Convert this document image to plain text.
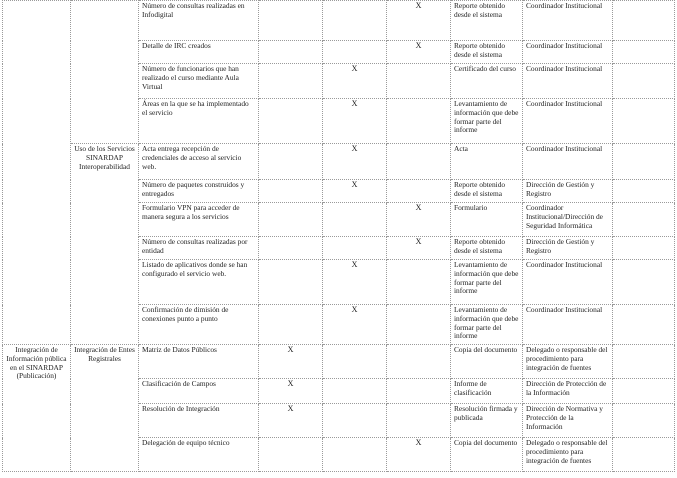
		Número de consultas realizadas en Infodigital			X	Reporte obtenido desde el sistema	Coordinador Institucional	
		Detalle de IRC creados			X	Reporte obtenido desde el sistema	Coordinador Institucional	
		Número de funcionarios que han realizado el curso mediante Aula Virtual		X		Certificado del curso	Coordinador Institucional	
		Áreas en la que se ha implementado el servicio		X		Levantamiento de información que debe formar parte del informe	Coordinador Institucional	
	Uso de los Servicios SINARDAP Interoperabilidad	Acta entrega recepción de credenciales de acceso al servicio web.		X		Acta	Coordinador Institucional	
		Número de paquetes construidos y entregados		X		Reporte obtenido desde el sistema	Dirección de Gestión y Registro	
		Formulario VPN para acceder de manera segura a los servicios			X	Formulario	Coordinador Institucional/Dirección de Seguridad Informática	
		Número de consultas realizadas por entidad			X	Reporte obtenido desde el sistema	Dirección de Gestión y Registro	
		Listado de aplicativos donde se han configurado el servicio web.		X		Levantamiento de información que debe formar parte del informe	Coordinador Institucional	
		Confirmación de dimisión de conexiones punto a punto		X		Levantamiento de información que debe formar parte del informe	Coordinador Institucional	
Integración de Información pública en el SINARDAP (Publicación)	Integración de Entes Registrales	Matriz de Datos Públicos	X			Copia del documento	Delegado o responsable del procedimiento para integración de fuentes	
		Clasificación de Campos	X			Informe de clasificación	Dirección de Protección de la Información	
		Resolución de Integración	X			Resolución firmada y publicada	Dirección de Normativa y Protección de la Información	
		Delegación de equipo técnico			X	Copia del documento	Delegado o responsable del procedimiento para integración de fuentes	
